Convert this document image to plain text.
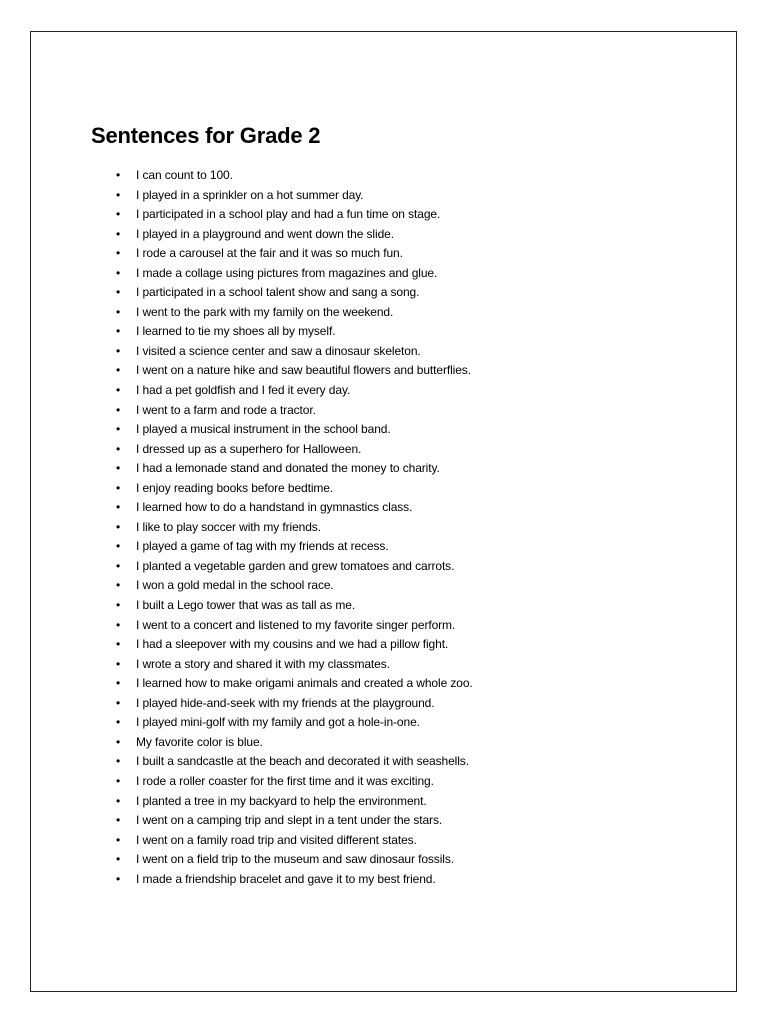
Sentences for Grade 2
•	I can count to 100.
•	I played in a sprinkler on a hot summer day.
•	I participated in a school play and had a fun time on stage.
•	I played in a playground and went down the slide.
•	I rode a carousel at the fair and it was so much fun.
•	I made a collage using pictures from magazines and glue.
•	I participated in a school talent show and sang a song.
•	I went to the park with my family on the weekend.
•	I learned to tie my shoes all by myself.
•	I visited a science center and saw a dinosaur skeleton.
•	I went on a nature hike and saw beautiful flowers and butterflies.
•	I had a pet goldfish and I fed it every day.
•	I went to a farm and rode a tractor.
•	I played a musical instrument in the school band.
•	I dressed up as a superhero for Halloween.
•	I had a lemonade stand and donated the money to charity.
•	I enjoy reading books before bedtime.
•	I learned how to do a handstand in gymnastics class.
•	I like to play soccer with my friends.
•	I played a game of tag with my friends at recess.
•	I planted a vegetable garden and grew tomatoes and carrots.
•	I won a gold medal in the school race.
•	I built a Lego tower that was as tall as me.
•	I went to a concert and listened to my favorite singer perform.
•	I had a sleepover with my cousins and we had a pillow fight.
•	I wrote a story and shared it with my classmates.
•	I learned how to make origami animals and created a whole zoo.
•	I played hide-and-seek with my friends at the playground.
•	I played mini-golf with my family and got a hole-in-one.
•	My favorite color is blue.
•	I built a sandcastle at the beach and decorated it with seashells.
•	I rode a roller coaster for the first time and it was exciting.
•	I planted a tree in my backyard to help the environment.
•	I went on a camping trip and slept in a tent under the stars.
•	I went on a family road trip and visited different states.
•	I went on a field trip to the museum and saw dinosaur fossils.
•	I made a friendship bracelet and gave it to my best friend.
